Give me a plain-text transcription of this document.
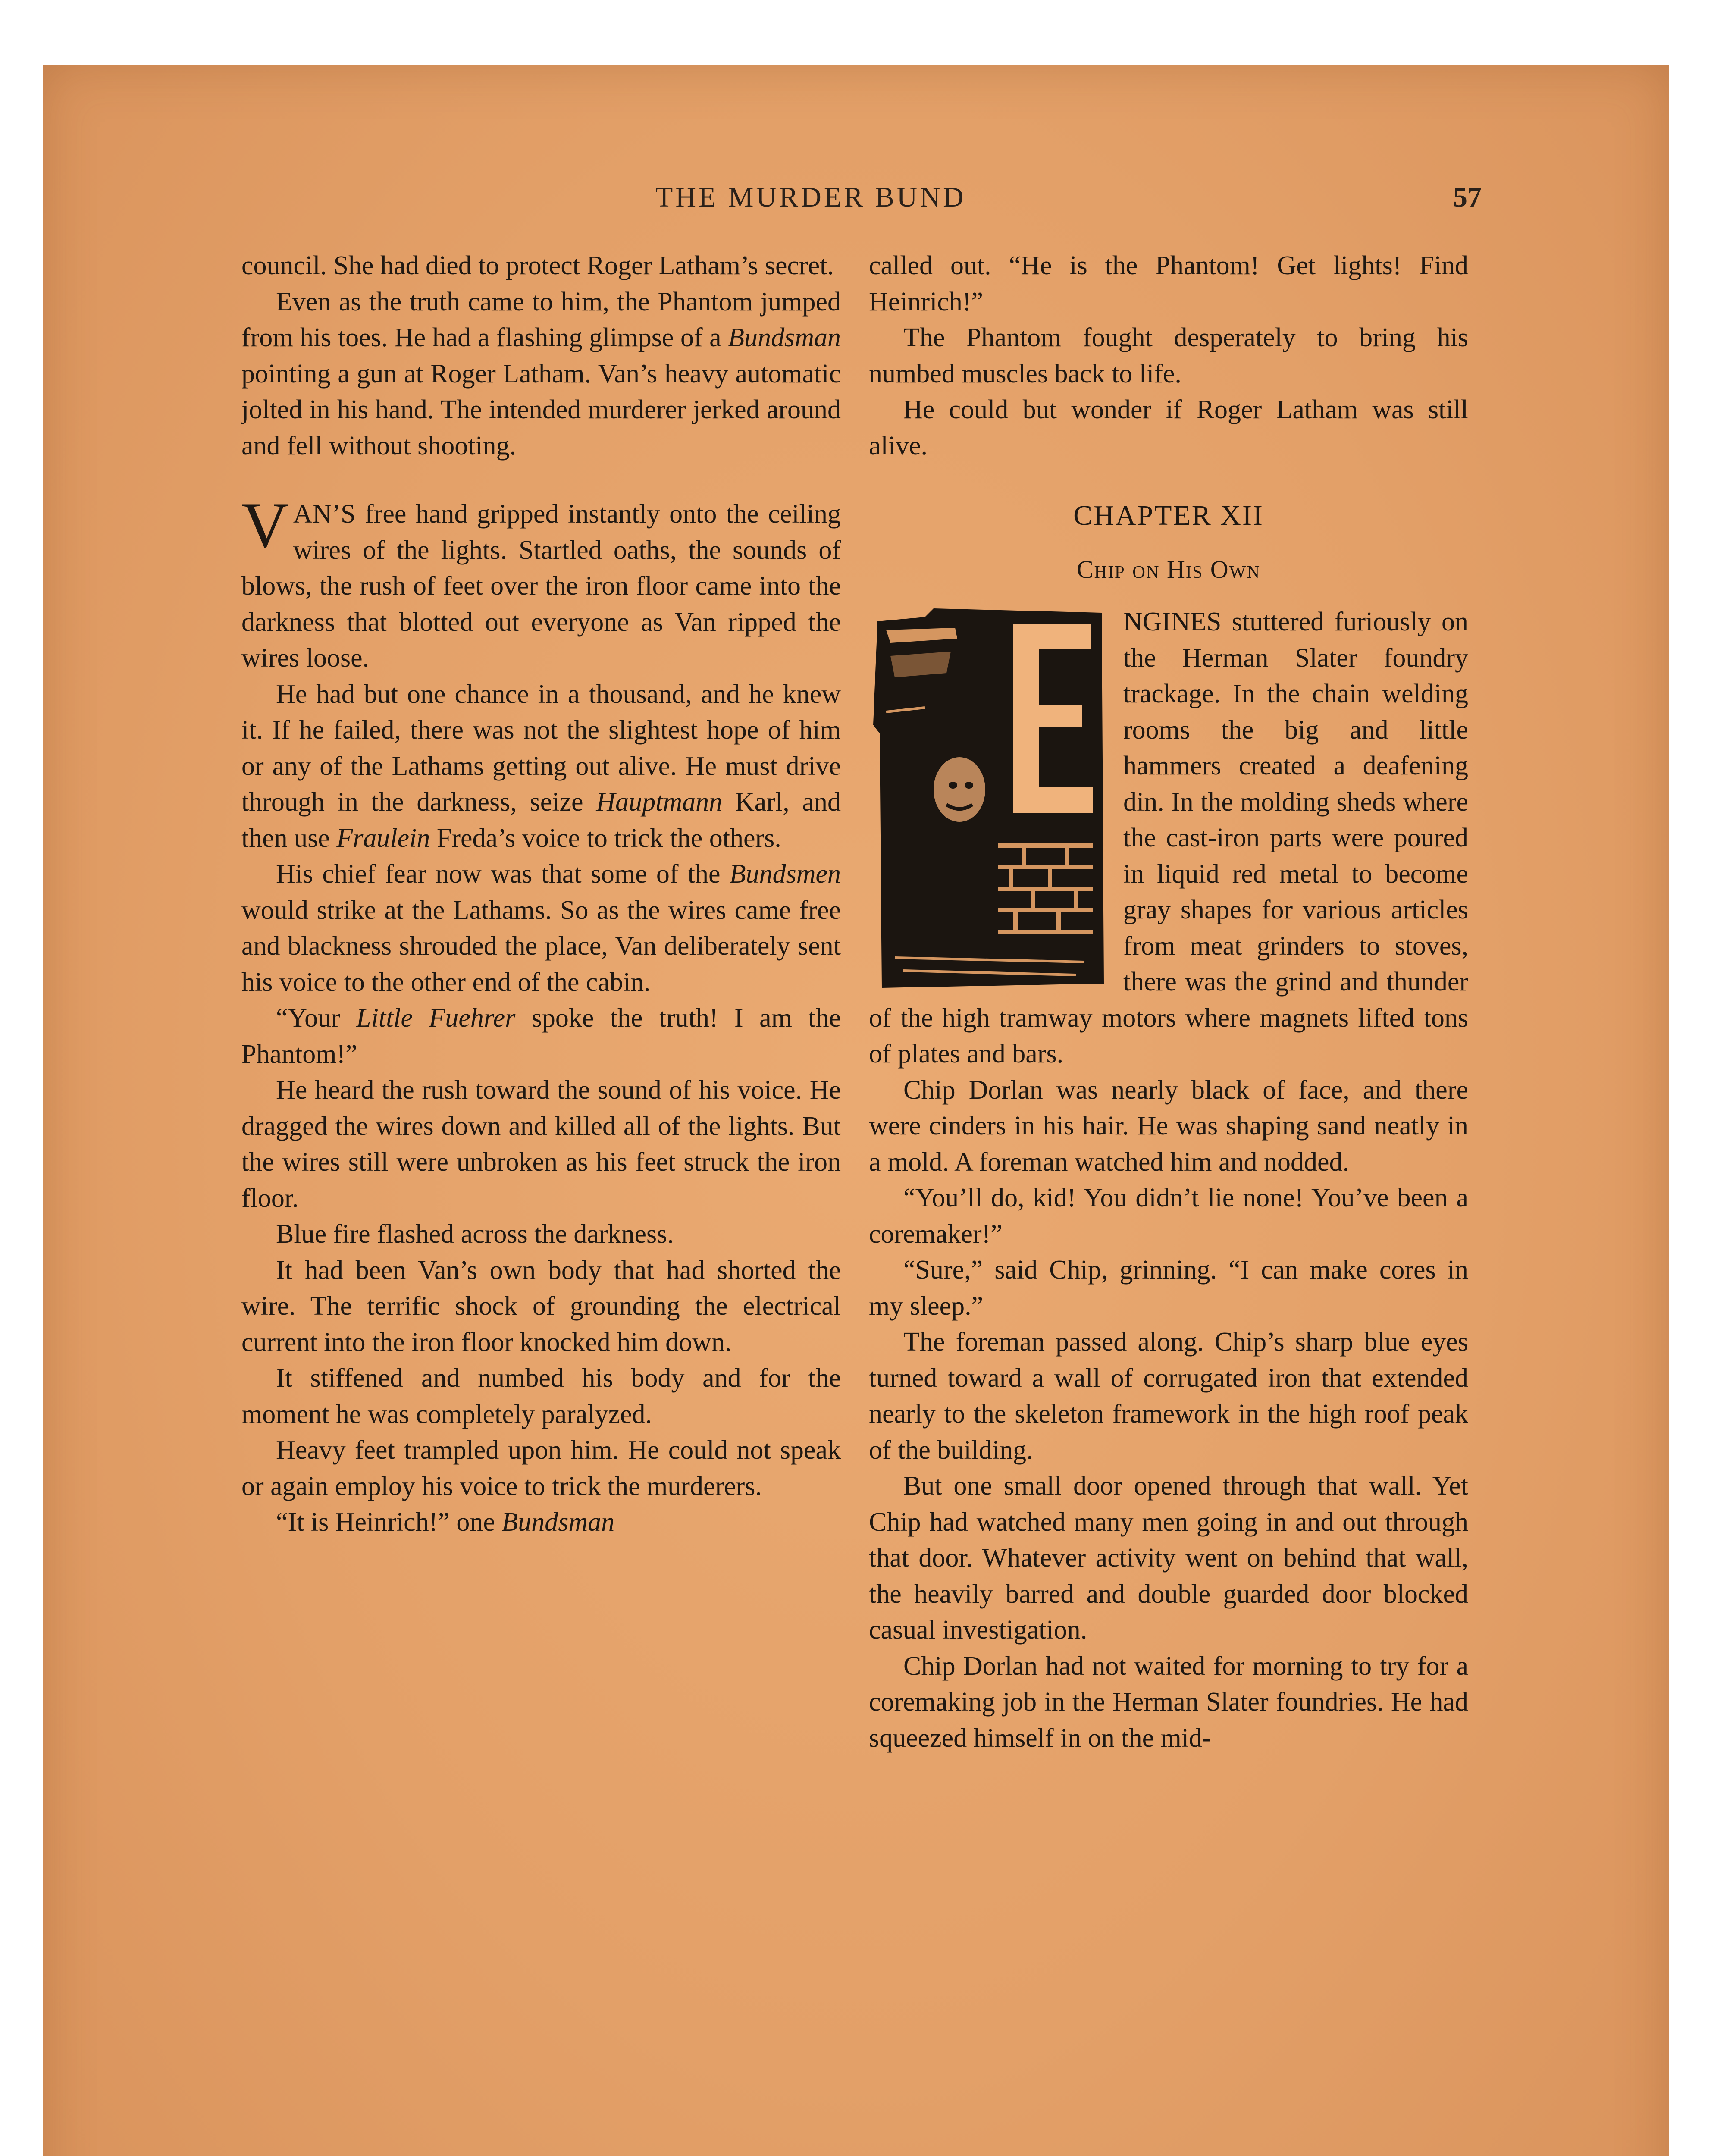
THE MURDER BUND	57

council. She had died to protect Roger Latham’s secret.

Even as the truth came to him, the Phantom jumped from his toes. He had a flashing glimpse of a Bundsman pointing a gun at Roger Latham. Van’s heavy automatic jolted in his hand. The intended murderer jerked around and fell without shooting.

VAN’S free hand gripped instantly onto the ceiling wires of the lights. Startled oaths, the sounds of blows, the rush of feet over the iron floor came into the darkness that blotted out everyone as Van ripped the wires loose.

He had but one chance in a thousand, and he knew it. If he failed, there was not the slightest hope of him or any of the Lathams getting out alive. He must drive through in the darkness, seize Hauptmann Karl, and then use Fraulein Freda’s voice to trick the others.

His chief fear now was that some of the Bundsmen would strike at the Lathams. So as the wires came free and blackness shrouded the place, Van deliberately sent his voice to the other end of the cabin.

“Your Little Fuehrer spoke the truth! I am the Phantom!”

He heard the rush toward the sound of his voice. He dragged the wires down and killed all of the lights. But the wires still were unbroken as his feet struck the iron floor.

Blue fire flashed across the darkness.

It had been Van’s own body that had shorted the wire. The terrific shock of grounding the electrical current into the iron floor knocked him down.

It stiffened and numbed his body and for the moment he was completely paralyzed.

Heavy feet trampled upon him. He could not speak or again employ his voice to trick the murderers.

“It is Heinrich!” one Bundsman

called out. “He is the Phantom! Get lights! Find Heinrich!”

The Phantom fought desperately to bring his numbed muscles back to life.

He could but wonder if Roger Latham was still alive.

CHAPTER XII
Chip on His Own

NGINES stuttered furiously on the Herman Slater foundry trackage. In the chain welding rooms the big and little hammers created a deafening din. In the molding sheds where the cast-iron parts were poured in liquid red metal to become gray shapes for various articles from meat grinders to stoves, there was the grind and thunder of the high tramway motors where magnets lifted tons of plates and bars.

Chip Dorlan was nearly black of face, and there were cinders in his hair. He was shaping sand neatly in a mold. A foreman watched him and nodded.

“You’ll do, kid! You didn’t lie none! You’ve been a coremaker!”

“Sure,” said Chip, grinning. “I can make cores in my sleep.”

The foreman passed along. Chip’s sharp blue eyes turned toward a wall of corrugated iron that extended nearly to the skeleton framework in the high roof peak of the building.

But one small door opened through that wall. Yet Chip had watched many men going in and out through that door. Whatever activity went on behind that wall, the heavily barred and double guarded door blocked casual investigation.

Chip Dorlan had not waited for morning to try for a coremaking job in the Herman Slater foundries. He had squeezed himself in on the mid-
